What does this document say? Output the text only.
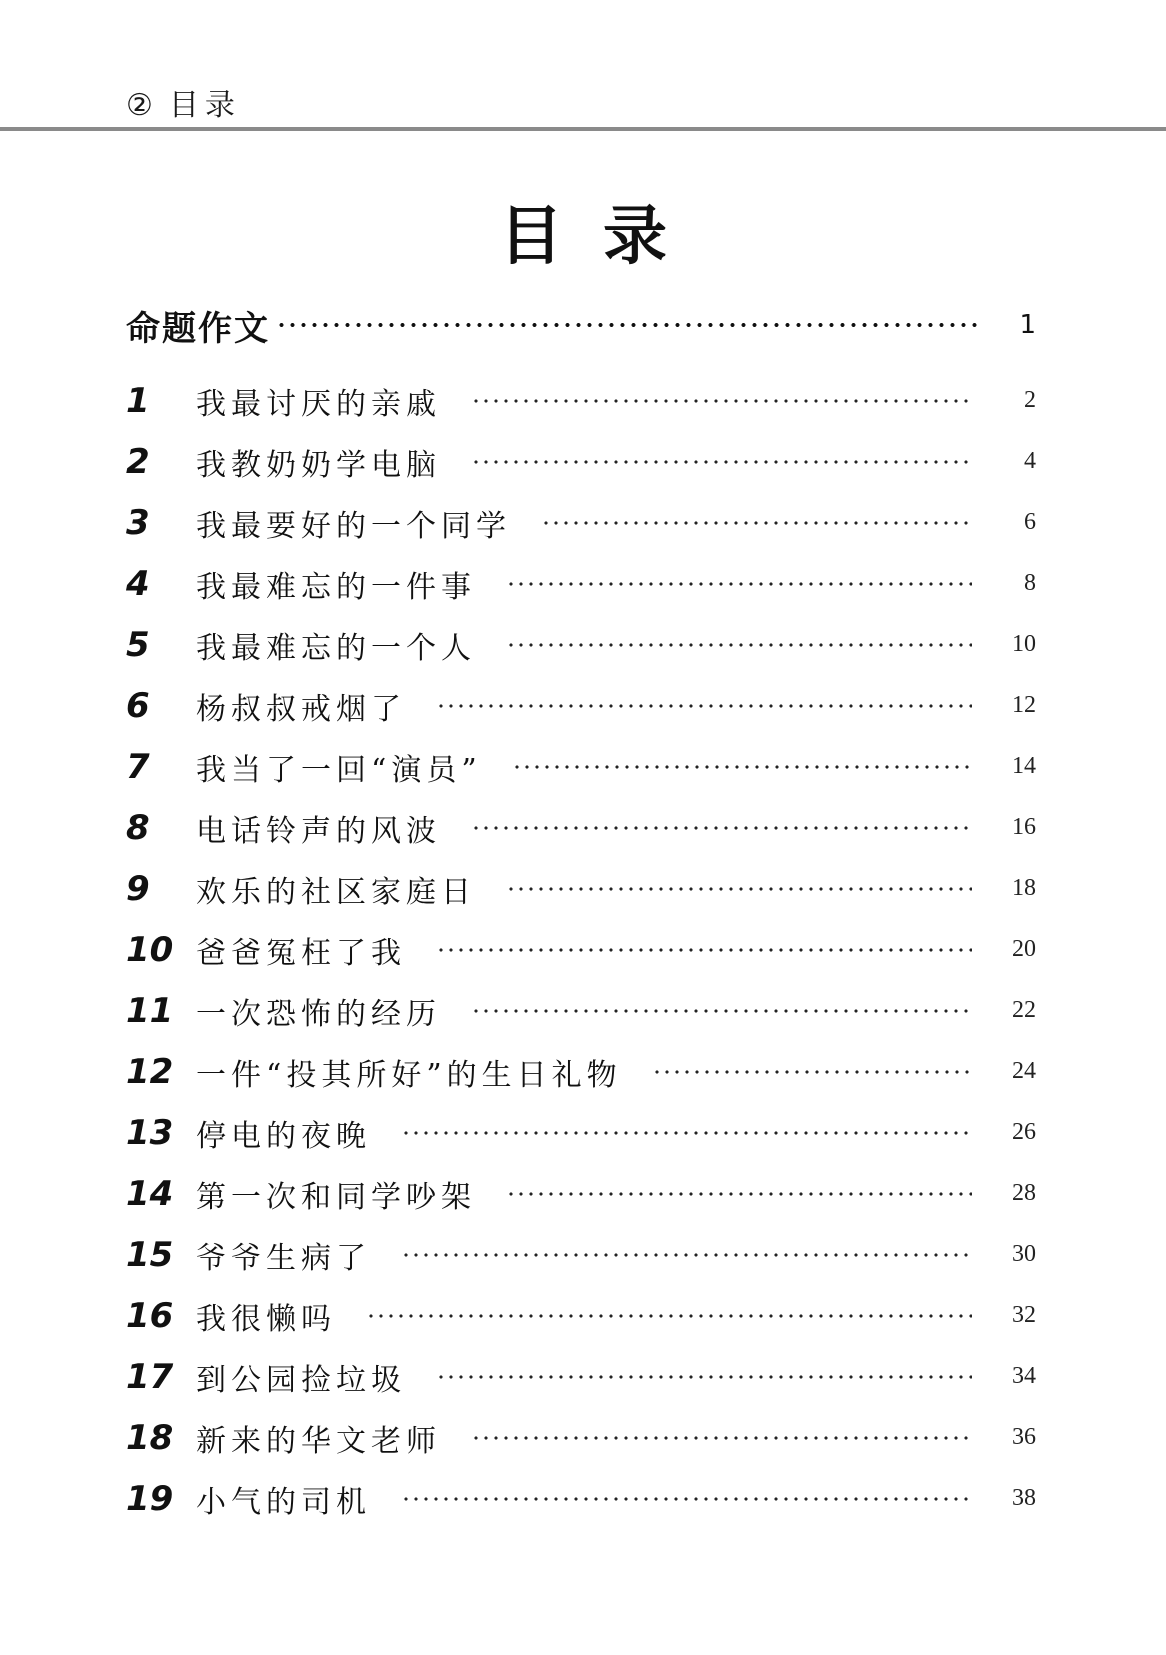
② 目录
目录
命题作文	1
1	我最讨厌的亲戚	2
2	我教奶奶学电脑	4
3	我最要好的一个同学	6
4	我最难忘的一件事	8
5	我最难忘的一个人	10
6	杨叔叔戒烟了	12
7	我当了一回“演员”	14
8	电话铃声的风波	16
9	欢乐的社区家庭日	18
10 爸爸冤枉了我	20
11 一次恐怖的经历	22
12 一件“投其所好”的生日礼物	24
13 停电的夜晚	26
14 第一次和同学吵架	28
15 爷爷生病了	30
16 我很懒吗	32
17 到公园捡垃圾	34
18 新来的华文老师	36
19 小气的司机	38
